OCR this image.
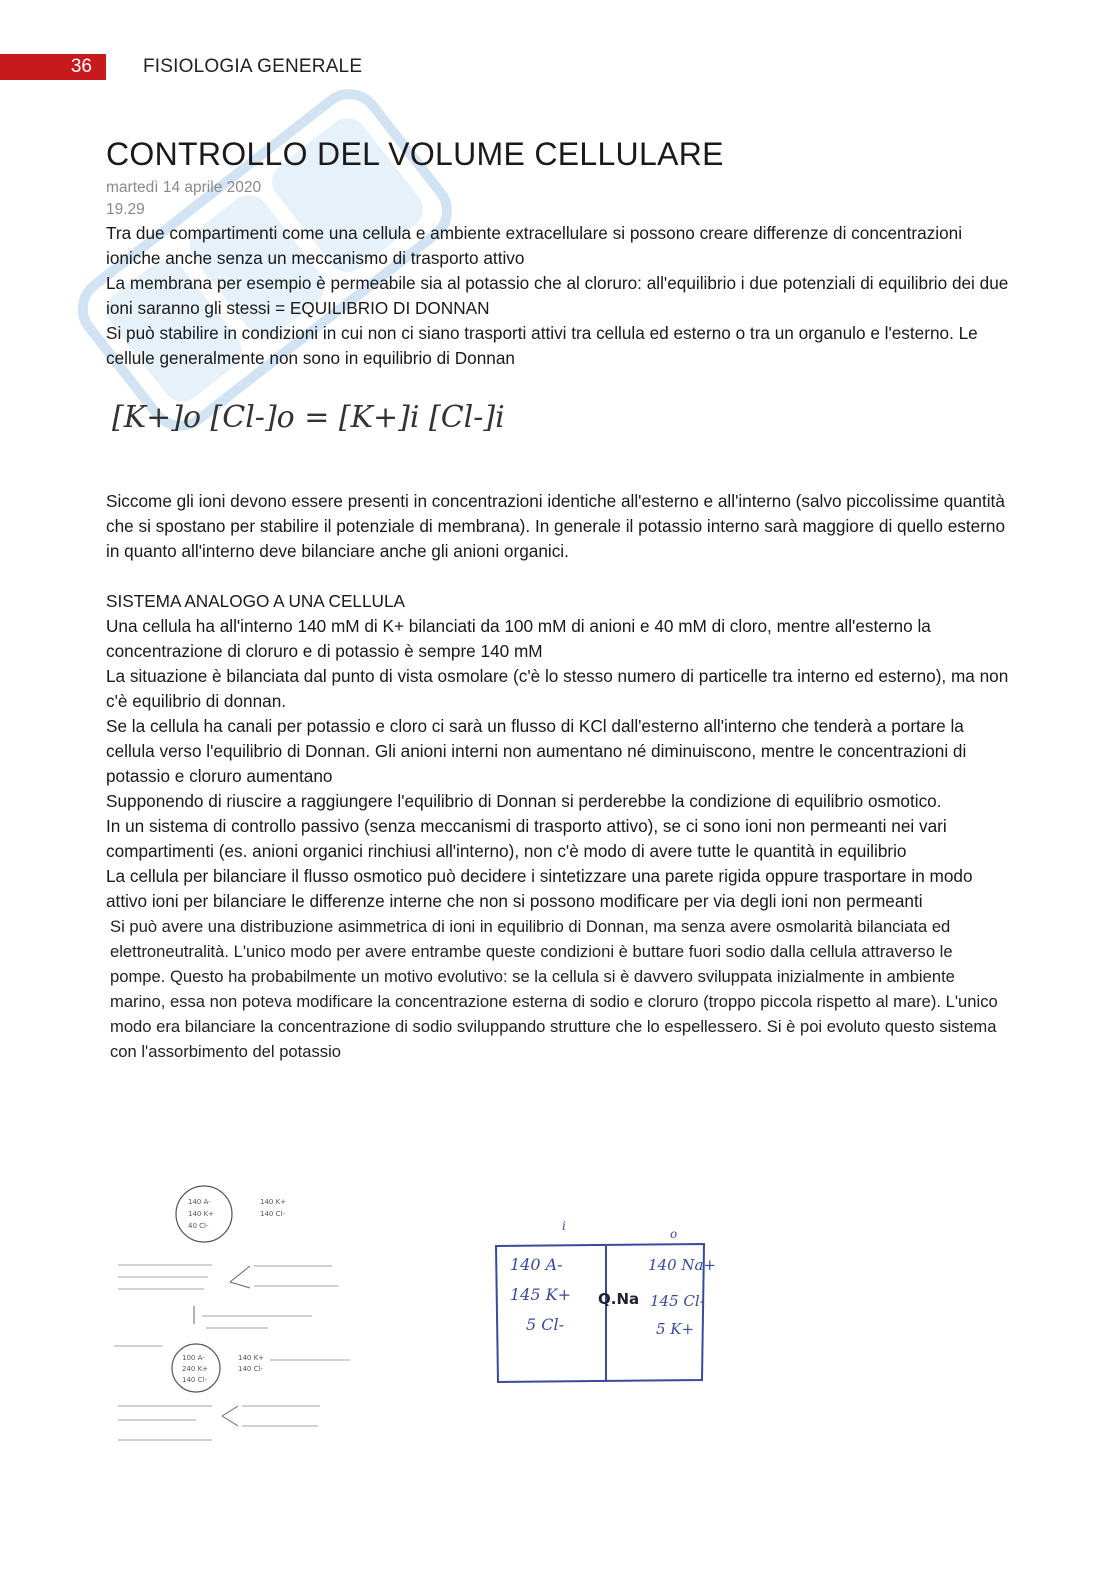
36	FISIOLOGIA GENERALE
CONTROLLO DEL VOLUME CELLULARE
martedì 14 aprile 2020
19.29

Tra due compartimenti come una cellula e ambiente extracellulare si possono creare differenze di concentrazioni ioniche anche senza un meccanismo di trasporto attivo

La membrana per esempio è permeabile sia al potassio che al cloruro: all'equilibrio i due potenziali di equilibrio dei due ioni saranno gli stessi = EQUILIBRIO DI DONNAN

Si può stabilire in condizioni in cui non ci siano trasporti attivi tra cellula ed esterno o tra un organulo e l'esterno. Le cellule generalmente non sono in equilibrio di Donnan

[K+]o [Cl-]o = [K+]i [Cl-]i

Siccome gli ioni devono essere presenti in concentrazioni identiche all'esterno e all'interno (salvo piccolissime quantità che si spostano per stabilire il potenziale di membrana). In generale il potassio interno sarà maggiore di quello esterno in quanto all'interno deve bilanciare anche gli anioni organici.

SISTEMA ANALOGO A UNA CELLULA

Una cellula ha all'interno 140 mM di K+ bilanciati da 100 mM di anioni e 40 mM di cloro, mentre all'esterno la concentrazione di cloruro e di potassio è sempre 140 mM

La situazione è bilanciata dal punto di vista osmolare (c'è lo stesso numero di particelle tra interno ed esterno), ma non c'è equilibrio di donnan.

Se la cellula ha canali per potassio e cloro ci sarà un flusso di KCl dall'esterno all'interno che tenderà a portare la cellula verso l'equilibrio di Donnan. Gli anioni interni non aumentano né diminuiscono, mentre le concentrazioni di potassio e cloruro aumentano

Supponendo di riuscire a raggiungere l'equilibrio di Donnan si perderebbe la condizione di equilibrio osmotico.

In un sistema di controllo passivo (senza meccanismi di trasporto attivo), se ci sono ioni non permeanti nei vari compartimenti (es. anioni organici rinchiusi all'interno), non c'è modo di avere tutte le quantità in equilibrio

La cellula per bilanciare il flusso osmotico può decidere i sintetizzare una parete rigida oppure trasportare in modo attivo ioni per bilanciare le differenze interne che non si possono modificare per via degli ioni non permeanti

Si può avere una distribuzione asimmetrica di ioni in equilibrio di Donnan, ma senza avere osmolarità bilanciata ed elettroneutralità. L'unico modo per avere entrambe queste condizioni è buttare fuori sodio dalla cellula attraverso le pompe. Questo ha probabilmente un motivo evolutivo: se la cellula si è davvero sviluppata inizialmente in ambiente marino, essa non poteva modificare la concentrazione esterna di sodio e cloruro (troppo piccola rispetto al mare). L'unico modo era bilanciare la concentrazione di sodio sviluppando strutture che lo espellessero. Si è poi evoluto questo sistema con l'assorbimento del potassio

140 A-
140 K+
40 Cl-
140 K+
140 Cl-
100 A-
240 K+
140 Cl-
140 K+
140 Cl-
i
o
140 A-
145 K+
5 Cl-
140 Na+
145 Cl-
5 K+
Q.Na
